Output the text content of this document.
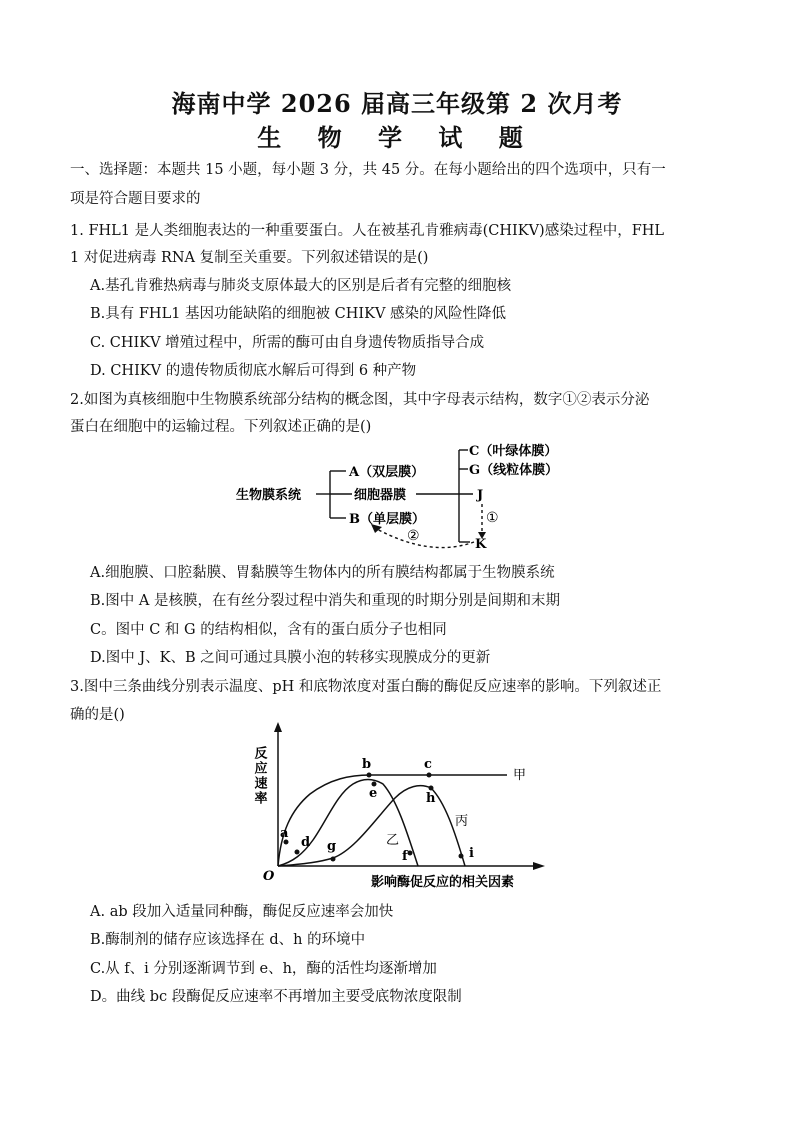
海南中学 2026 届高三年级第 2 次月考
生 物 学 试 题
一、选择题：本题共 15 小题，每小题 3 分，共 45 分。在每小题给出的四个选项中，只有一
项是符合题目要求的
1. FHL1 是人类细胞表达的一种重要蛋白。人在被基孔肯雅病毒(CHIKV)感染过程中，FHL
1 对促进病毒 RNA 复制至关重要。下列叙述错误的是()
A.基孔肯雅热病毒与肺炎支原体最大的区别是后者有完整的细胞核
B.具有 FHL1 基因功能缺陷的细胞被 CHIKV 感染的风险性降低
C. CHIKV 增殖过程中，所需的酶可由自身遗传物质指导合成
D. CHIKV 的遗传物质彻底水解后可得到 6 种产物
2.如图为真核细胞中生物膜系统部分结构的概念图，其中字母表示结构，数字①②表示分泌
蛋白在细胞中的运输过程。下列叙述正确的是()
生物膜系统
A（双层膜）
细胞器膜
B（单层膜）
C（叶绿体膜）
G（线粒体膜）
J
K
①
②
A.细胞膜、口腔黏膜、胃黏膜等生物体内的所有膜结构都属于生物膜系统
B.图中 A 是核膜，在有丝分裂过程中消失和重现的时期分别是间期和末期
C。图中 C 和 G 的结构相似，含有的蛋白质分子也相同
D.图中 J、K、B 之间可通过具膜小泡的转移实现膜成分的更新
3.图中三条曲线分别表示温度、pH 和底物浓度对蛋白酶的酶促反应速率的影响。下列叙述正
确的是()
反应速率
O	影响酶促反应的相关因素
甲
乙
丙
a
b	c
d
e
f
g
h
i
A. ab 段加入适量同种酶，酶促反应速率会加快
B.酶制剂的储存应该选择在 d、h 的环境中
C.从 f、i 分别逐渐调节到 e、h，酶的活性均逐渐增加
D。曲线 bc 段酶促反应速率不再增加主要受底物浓度限制
